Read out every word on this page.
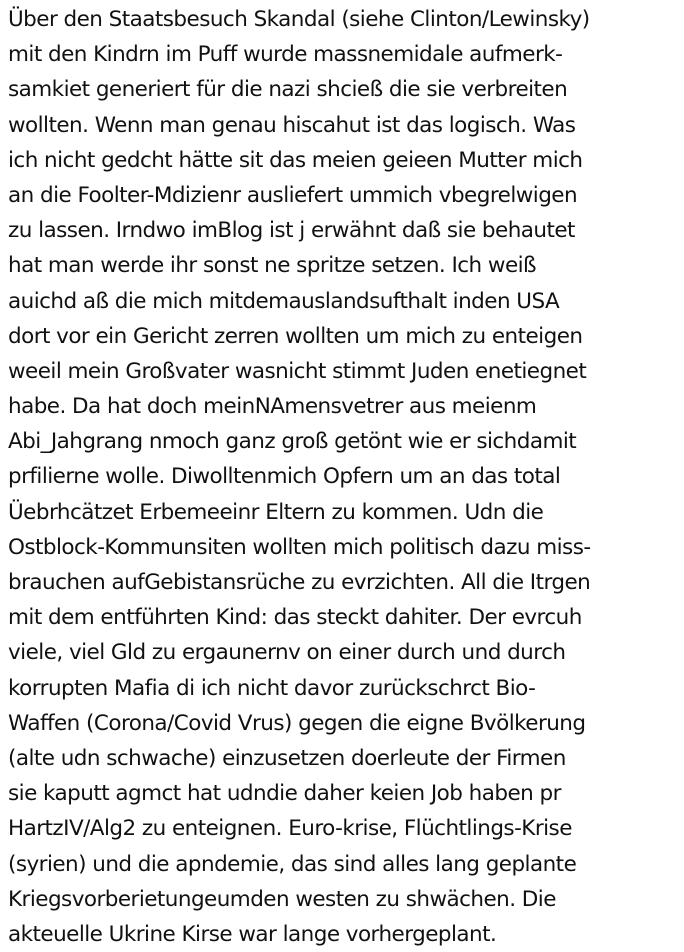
Über den Staatsbesuch Skandal (siehe Clinton/Lewinsky)
mit den Kindrn im Puff wurde massnemidale aufmerk-
samkiet generiert für die nazi shcieß die sie verbreiten
wollten. Wenn man genau hiscahut ist das logisch. Was
ich nicht gedcht hätte sit das meien geieen Mutter mich
an die Foolter-Mdizienr ausliefert ummich vbegrelwigen
zu lassen. Irndwo imBlog ist j erwähnt daß sie behautet
hat man werde ihr sonst ne spritze setzen. Ich weiß
auichd aß die mich mitdemauslandsufthalt inden USA
dort vor ein Gericht zerren wollten um mich zu enteigen
weeil mein Großvater wasnicht stimmt Juden enetiegnet
habe. Da hat doch meinNAmensvetrer aus meienm
Abi_Jahgrang nmoch ganz groß getönt wie er sichdamit
prfilierne wolle. Diwolltenmich Opfern um an das total
Üebrhcätzet Erbemeeinr Eltern zu kommen. Udn die
Ostblock-Kommunsiten wollten mich politisch dazu miss-
brauchen aufGebistansrüche zu evrzichten. All die Itrgen
mit dem entführten Kind: das steckt dahiter. Der evrcuh
viele, viel Gld zu ergaunernv on einer durch und durch
korrupten Mafia di ich nicht davor zurückschrct Bio-
Waffen (Corona/Covid Vrus) gegen die eigne Bvölkerung
(alte udn schwache) einzusetzen doerleute der Firmen
sie kaputt agmct hat udndie daher keien Job haben pr
HartzIV/Alg2 zu enteignen. Euro-krise, Flüchtlings-Krise
(syrien) und die apndemie, das sind alles lang geplante
Kriegsvorberietungeumden westen zu shwächen. Die
akteuelle Ukrine Kirse war lange vorhergeplant.
